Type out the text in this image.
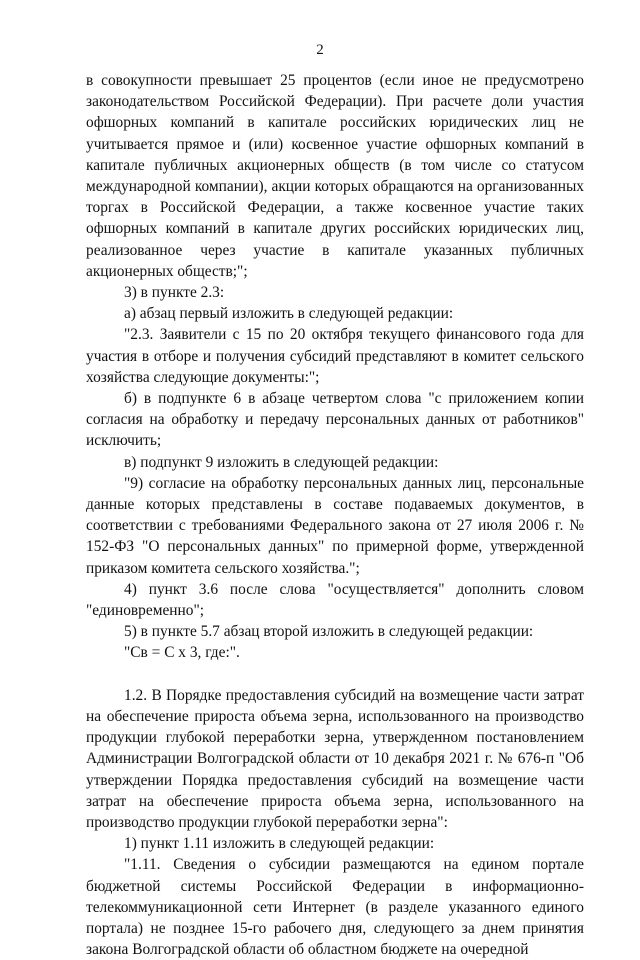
2

в совокупности превышает 25 процентов (если иное не предусмотрено законодательством Российской Федерации). При расчете доли участия офшорных компаний в капитале российских юридических лиц не учитывается прямое и (или) косвенное участие офшорных компаний в капитале публичных акционерных обществ (в том числе со статусом международной компании), акции которых обращаются на организованных торгах в Российской Федерации, а также косвенное участие таких офшорных компаний в капитале других российских юридических лиц, реализованное через участие в капитале указанных публичных акционерных обществ;";

3) в пункте 2.3:

а) абзац первый изложить в следующей редакции:

"2.3. Заявители с 15 по 20 октября текущего финансового года для участия в отборе и получения субсидий представляют в комитет сельского хозяйства следующие документы:";

б) в подпункте 6 в абзаце четвертом слова "с приложением копии согласия на обработку и передачу персональных данных от работников" исключить;

в) подпункт 9 изложить в следующей редакции:

"9) согласие на обработку персональных данных лиц, персональные данные которых представлены в составе подаваемых документов, в соответствии с требованиями Федерального закона от 27 июля 2006 г. № 152-ФЗ "О персональных данных" по примерной форме, утвержденной приказом комитета сельского хозяйства.";

4) пункт 3.6 после слова "осуществляется" дополнить словом "единовременно";

5) в пункте 5.7 абзац второй изложить в следующей редакции:

"Св = С х 3, где:".

1.2. В Порядке предоставления субсидий на возмещение части затрат на обеспечение прироста объема зерна, использованного на производство продукции глубокой переработки зерна, утвержденном постановлением Администрации Волгоградской области от 10 декабря 2021 г. № 676-п "Об утверждении Порядка предоставления субсидий на возмещение части затрат на обеспечение прироста объема зерна, использованного на производство продукции глубокой переработки зерна":

1) пункт 1.11 изложить в следующей редакции:

"1.11. Сведения о субсидии размещаются на едином портале бюджетной системы Российской Федерации в информационно-телекоммуникационной сети Интернет (в разделе указанного единого портала) не позднее 15-го рабочего дня, следующего за днем принятия закона Волгоградской области об областном бюджете на очередной
